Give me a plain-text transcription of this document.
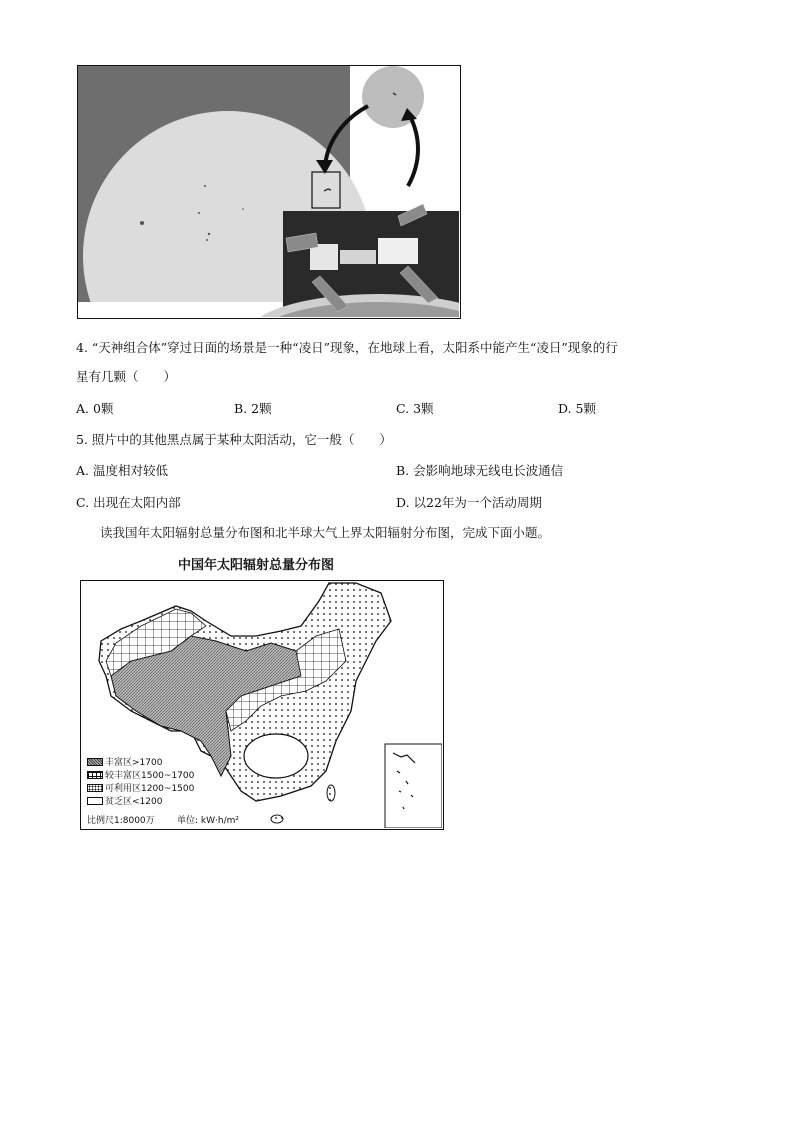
4. “天神组合体”穿过日面的场景是一种“凌日”现象，在地球上看，太阳系中能产生“凌日”现象的行
星有几颗（　　）
A. 0颗	B. 2颗	C. 3颗	D. 5颗
5. 照片中的其他黑点属于某种太阳活动，它一般（　　）
A. 温度相对较低	B. 会影响地球无线电长波通信
C. 出现在太阳内部	D. 以22年为一个活动周期
读我国年太阳辐射总量分布图和北半球大气上界太阳辐射分布图，完成下面小题。
中国年太阳辐射总量分布图
丰富区>1700
较丰富区1500~1700
可利用区1200~1500
贫乏区<1200
比例尺1:8000万 单位: kW·h/m²
